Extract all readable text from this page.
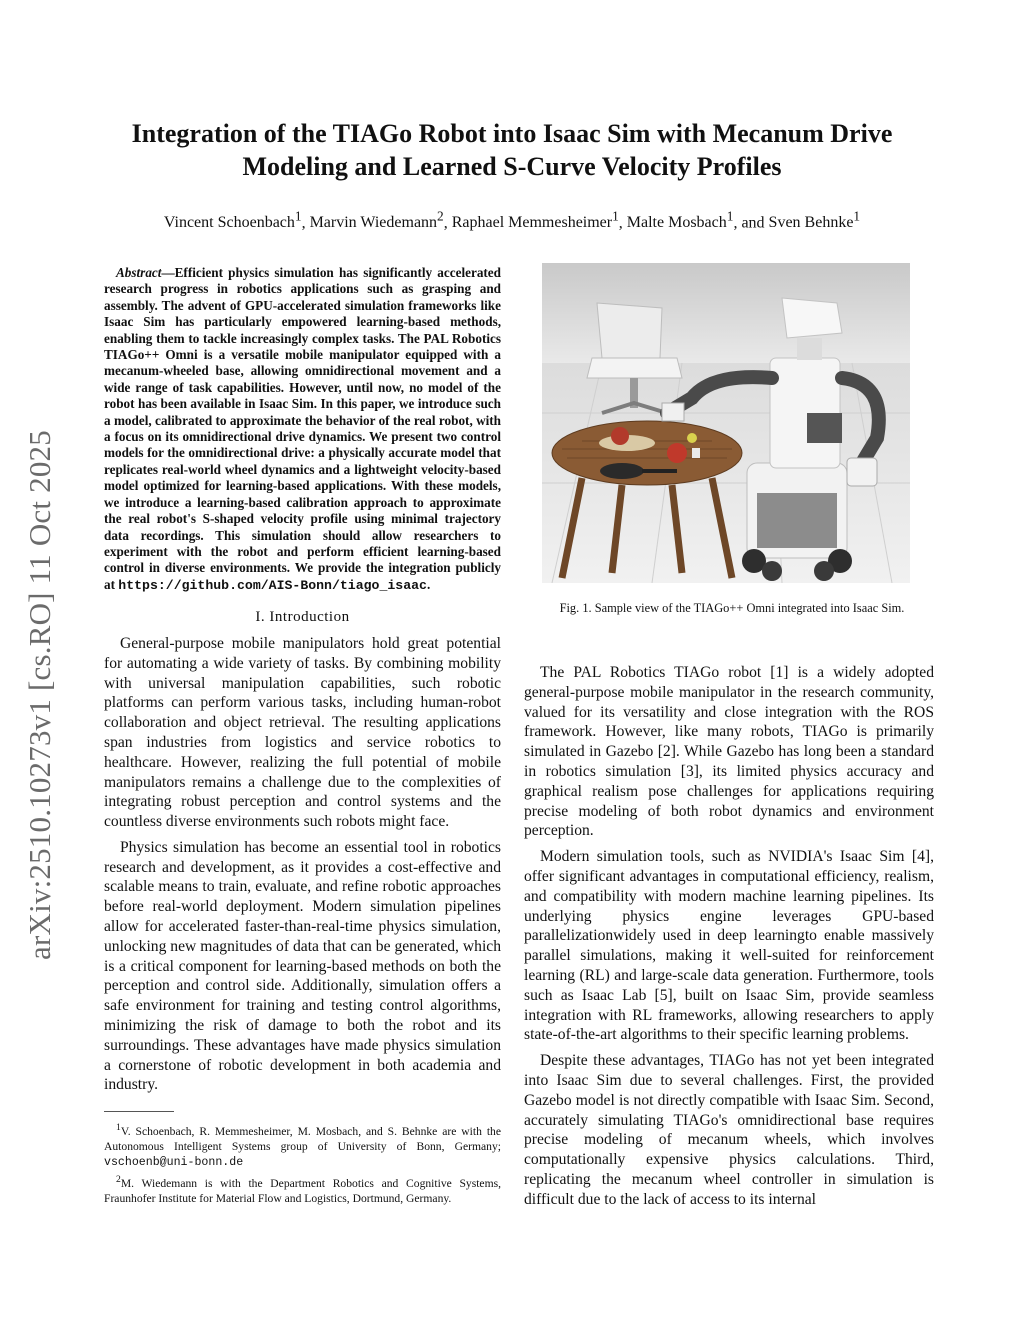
arXiv:2510.10273v1 [cs.RO] 11 Oct 2025
Integration of the TIAGo Robot into Isaac Sim with Mecanum Drive
Modeling and Learned S-Curve Velocity Profiles
Vincent Schoenbach$^1$, Marvin Wiedemann$^2$, Raphael Memmesheimer$^1$, Malte Mosbach$^1$, and Sven Behnke$^1$
Abstract—Efficient physics simulation has significantly accelerated research progress in robotics applications such as grasping and assembly. The advent of GPU-accelerated simulation frameworks like Isaac Sim has particularly empowered learning-based methods, enabling them to tackle increasingly complex tasks. The PAL Robotics TIAGo++ Omni is a versatile mobile manipulator equipped with a mecanum-wheeled base, allowing omnidirectional movement and a wide range of task capabilities. However, until now, no model of the robot has been available in Isaac Sim. In this paper, we introduce such a model, calibrated to approximate the behavior of the real robot, with a focus on its omnidirectional drive dynamics. We present two control models for the omnidirectional drive: a physically accurate model that replicates real-world wheel dynamics and a lightweight velocity-based model optimized for learning-based applications. With these models, we introduce a learning-based calibration approach to approximate the real robot's S-shaped velocity profile using minimal trajectory data recordings. This simulation should allow researchers to experiment with the robot and perform efficient learning-based control in diverse environments. We provide the integration publicly at https://github.com/AIS-Bonn/tiago_isaac.
I. Introduction

General-purpose mobile manipulators hold great potential for automating a wide variety of tasks. By combining mobility with universal manipulation capabilities, such robotic platforms can perform various tasks, including human-robot collaboration and object retrieval. The resulting applications span industries from logistics and service robotics to healthcare. However, realizing the full potential of mobile manipulators remains a challenge due to the complexities of integrating robust perception and control systems and the countless diverse environments such robots might face.

Physics simulation has become an essential tool in robotics research and development, as it provides a cost-effective and scalable means to train, evaluate, and refine robotic approaches before real-world deployment. Modern simulation pipelines allow for accelerated faster-than-real-time physics simulation, unlocking new magnitudes of data that can be generated, which is a critical component for learning-based methods on both the perception and control side. Additionally, simulation offers a safe environment for training and testing control algorithms, minimizing the risk of damage to both the robot and its surroundings. These advantages have made physics simulation a cornerstone of robotic development in both academia and industry.

$^1$V. Schoenbach, R. Memmesheimer, M. Mosbach, and S. Behnke are with the Autonomous Intelligent Systems group of University of Bonn, Germany; vschoenb@uni-bonn.de
$^2$M. Wiedemann is with the Department Robotics and Cognitive Systems, Fraunhofer Institute for Material Flow and Logistics, Dortmund, Germany.
Fig. 1. Sample view of the TIAGo++ Omni integrated into Isaac Sim.

The PAL Robotics TIAGo robot [1] is a widely adopted general-purpose mobile manipulator in the research community, valued for its versatility and close integration with the ROS framework. However, like many robots, TIAGo is primarily simulated in Gazebo [2]. While Gazebo has long been a standard in robotics simulation [3], its limited physics accuracy and graphical realism pose challenges for applications requiring precise modeling of both robot dynamics and environment perception.

Modern simulation tools, such as NVIDIA's Isaac Sim [4], offer significant advantages in computational efficiency, realism, and compatibility with modern machine learning pipelines. Its underlying physics engine leverages GPU-based parallelizationwidely used in deep learningto enable massively parallel simulations, making it well-suited for reinforcement learning (RL) and large-scale data generation. Furthermore, tools such as Isaac Lab [5], built on Isaac Sim, provide seamless integration with RL frameworks, allowing researchers to apply state-of-the-art algorithms to their specific learning problems.

Despite these advantages, TIAGo has not yet been integrated into Isaac Sim due to several challenges. First, the provided Gazebo model is not directly compatible with Isaac Sim. Second, accurately simulating TIAGo's omnidirectional base requires precise modeling of mecanum wheels, which involves computationally expensive physics calculations. Third, replicating the mecanum wheel controller in simulation is difficult due to the lack of access to its internal
